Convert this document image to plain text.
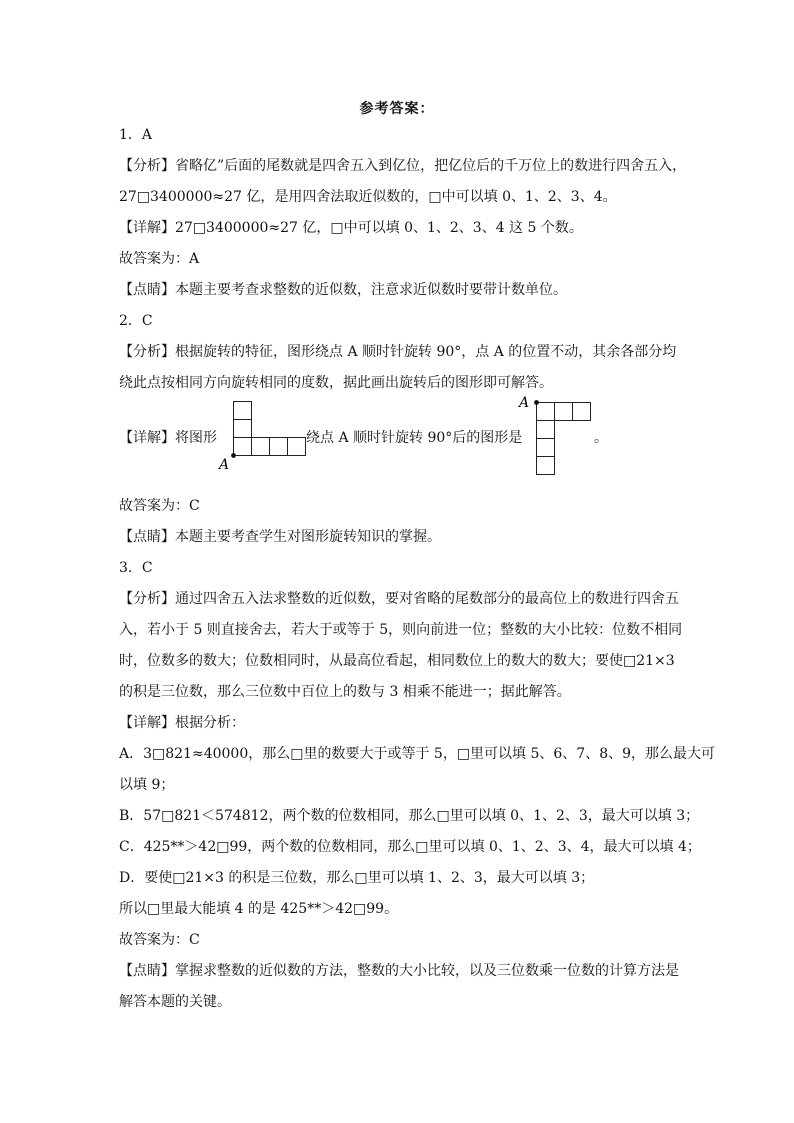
参考答案：

1．A

【分析】省略亿”后面的尾数就是四舍五入到亿位，把亿位后的千万位上的数进行四舍五入，

27□3400000≈27 亿，是用四舍法取近似数的，□中可以填 0、1、2、3、4。

【详解】27□3400000≈27 亿，□中可以填 0、1、2、3、4 这 5 个数。

故答案为：A

【点睛】本题主要考查求整数的近似数，注意求近似数时要带计数单位。

2．C

【分析】根据旋转的特征，图形绕点 A 顺时针旋转 90°，点 A 的位置不动，其余各部分均

绕此点按相同方向旋转相同的度数，据此画出旋转后的图形即可解答。

【详解】将图形
A
绕点 A 顺时针旋转 90°后的图形是
A
。

故答案为：C

【点睛】本题主要考查学生对图形旋转知识的掌握。

3．C

【分析】通过四舍五入法求整数的近似数，要对省略的尾数部分的最高位上的数进行四舍五

入，若小于 5 则直接舍去，若大于或等于 5，则向前进一位；整数的大小比较：位数不相同

时，位数多的数大；位数相同时，从最高位看起，相同数位上的数大的数大；要使□21×3

的积是三位数，那么三位数中百位上的数与 3 相乘不能进一；据此解答。

【详解】根据分析：

A．3□821≈40000，那么□里的数要大于或等于 5，□里可以填 5、6、7、8、9，那么最大可

以填 9；

B．57□821＜574812，两个数的位数相同，那么□里可以填 0、1、2、3，最大可以填 3；

C．425**＞42□99，两个数的位数相同，那么□里可以填 0、1、2、3、4，最大可以填 4；

D．要使□21×3 的积是三位数，那么□里可以填 1、2、3，最大可以填 3；

所以□里最大能填 4 的是 425**＞42□99。

故答案为：C

【点睛】掌握求整数的近似数的方法，整数的大小比较，以及三位数乘一位数的计算方法是

解答本题的关键。
